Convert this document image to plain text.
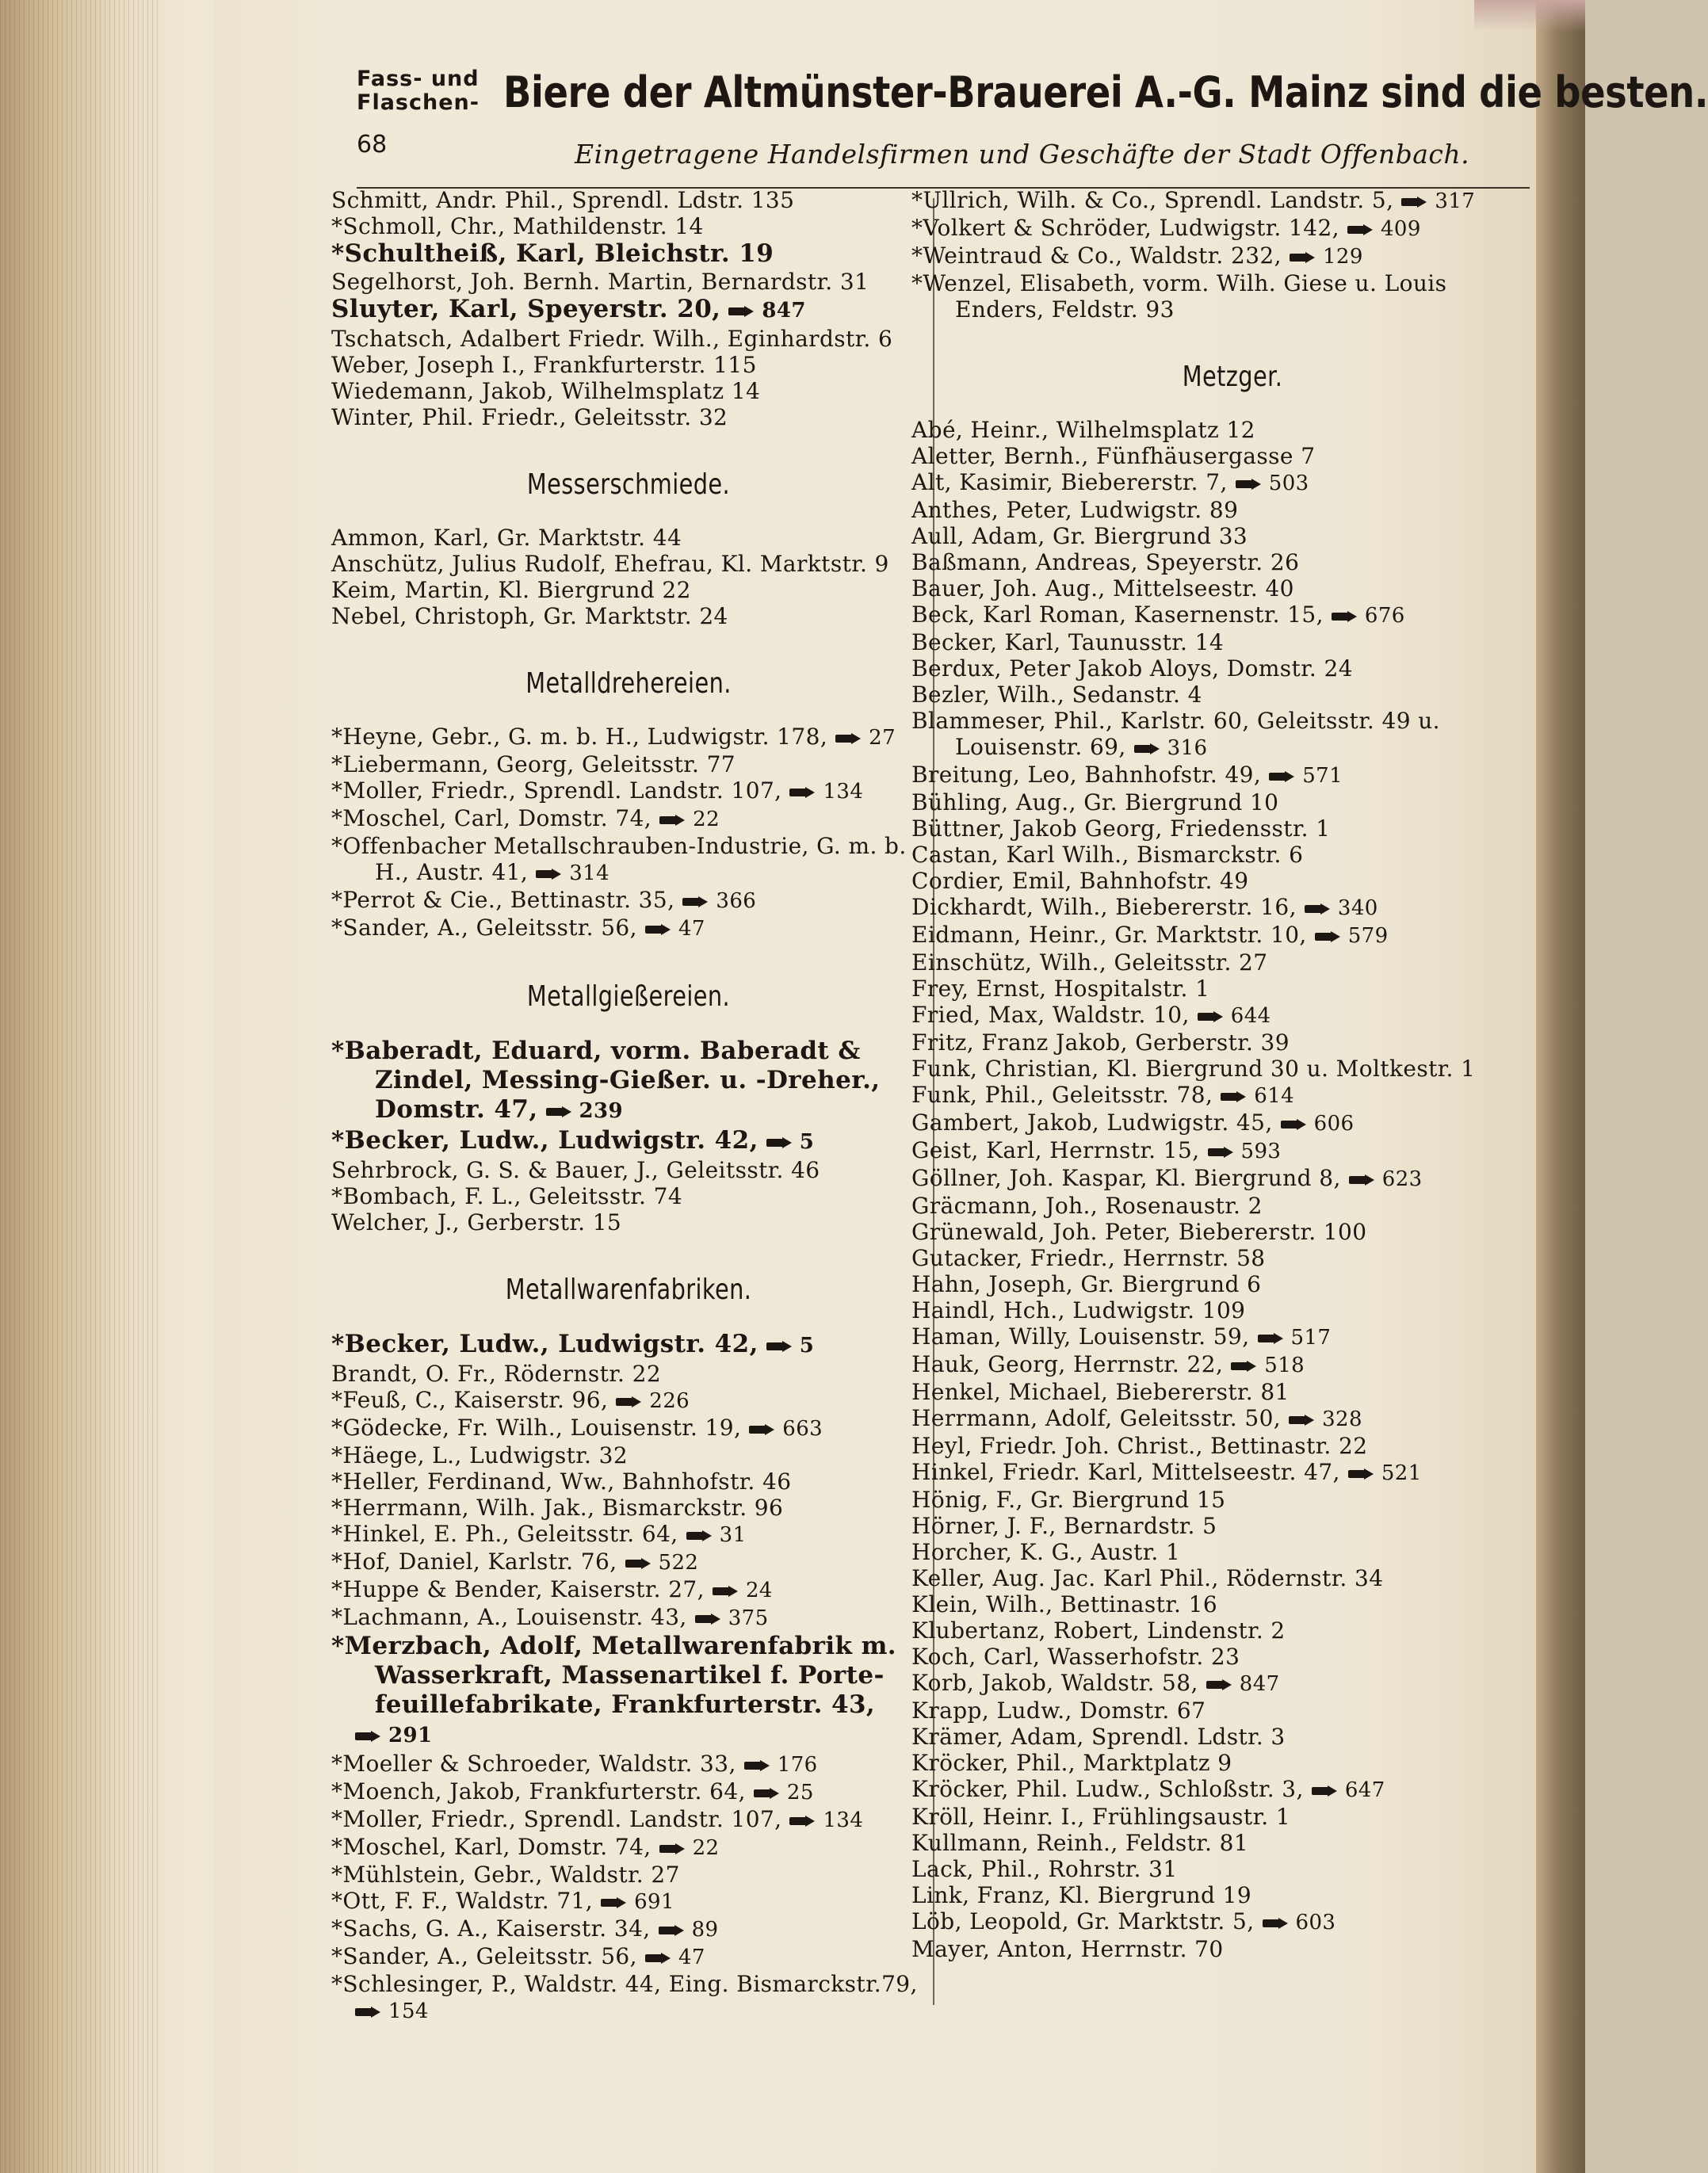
Fass- und
Flaschen- Biere der Altmünster-Brauerei A.-G. Mainz sind die besten.
68	Eingetragene Handelsfirmen und Geschäfte der Stadt Offenbach.
Schmitt, Andr. Phil., Sprendl. Ldstr. 135
*Schmoll, Chr., Mathildenstr. 14
*Schultheiß, Karl, Bleichstr. 19
Segelhorst, Joh. Bernh. Martin, Bernardstr. 31
Sluyter, Karl, Speyerstr. 20, 847
Tschatsch, Adalbert Friedr. Wilh., Eginhardstr. 6
Weber, Joseph I., Frankfurterstr. 115
Wiedemann, Jakob, Wilhelmsplatz 14
Winter, Phil. Friedr., Geleitsstr. 32
Messerschmiede.
Ammon, Karl, Gr. Marktstr. 44
Anschütz, Julius Rudolf, Ehefrau, Kl. Marktstr. 9
Keim, Martin, Kl. Biergrund 22
Nebel, Christoph, Gr. Marktstr. 24
Metalldrehereien.
*Heyne, Gebr., G. m. b. H., Ludwigstr. 178, 27
*Liebermann, Georg, Geleitsstr. 77
*Moller, Friedr., Sprendl. Landstr. 107, 134
*Moschel, Carl, Domstr. 74, 22
*Offenbacher Metallschrauben-Industrie, G. m. b.
H., Austr. 41, 314
*Perrot & Cie., Bettinastr. 35, 366
*Sander, A., Geleitsstr. 56, 47
Metallgießereien.
*Baberadt, Eduard, vorm. Baberadt &
Zindel, Messing-Gießer. u. -Dreher.,
Domstr. 47, 239
*Becker, Ludw., Ludwigstr. 42, 5
Sehrbrock, G. S. & Bauer, J., Geleitsstr. 46
*Bombach, F. L., Geleitsstr. 74
Welcher, J., Gerberstr. 15
Metallwarenfabriken.
*Becker, Ludw., Ludwigstr. 42, 5
Brandt, O. Fr., Rödernstr. 22
*Feuß, C., Kaiserstr. 96, 226
*Gödecke, Fr. Wilh., Louisenstr. 19, 663
*Häege, L., Ludwigstr. 32
*Heller, Ferdinand, Ww., Bahnhofstr. 46
*Herrmann, Wilh. Jak., Bismarckstr. 96
*Hinkel, E. Ph., Geleitsstr. 64, 31
*Hof, Daniel, Karlstr. 76, 522
*Huppe & Bender, Kaiserstr. 27, 24
*Lachmann, A., Louisenstr. 43, 375
*Merzbach, Adolf, Metallwarenfabrik m.
Wasserkraft, Massenartikel f. Porte-
feuillefabrikate, Frankfurterstr. 43,
291
*Moeller & Schroeder, Waldstr. 33, 176
*Moench, Jakob, Frankfurterstr. 64, 25
*Moller, Friedr., Sprendl. Landstr. 107, 134
*Moschel, Karl, Domstr. 74, 22
*Mühlstein, Gebr., Waldstr. 27
*Ott, F. F., Waldstr. 71, 691
*Sachs, G. A., Kaiserstr. 34, 89
*Sander, A., Geleitsstr. 56, 47
*Schlesinger, P., Waldstr. 44, Eing. Bismarckstr.79,
154
*Ullrich, Wilh. & Co., Sprendl. Landstr. 5, 317
*Volkert & Schröder, Ludwigstr. 142, 409
*Weintraud & Co., Waldstr. 232, 129
*Wenzel, Elisabeth, vorm. Wilh. Giese u. Louis
Enders, Feldstr. 93
Metzger.
Abé, Heinr., Wilhelmsplatz 12
Aletter, Bernh., Fünfhäusergasse 7
Alt, Kasimir, Biebererstr. 7, 503
Anthes, Peter, Ludwigstr. 89
Aull, Adam, Gr. Biergrund 33
Baßmann, Andreas, Speyerstr. 26
Bauer, Joh. Aug., Mittelseestr. 40
Beck, Karl Roman, Kasernenstr. 15, 676
Becker, Karl, Taunusstr. 14
Berdux, Peter Jakob Aloys, Domstr. 24
Bezler, Wilh., Sedanstr. 4
Blammeser, Phil., Karlstr. 60, Geleitsstr. 49 u.
Louisenstr. 69, 316
Breitung, Leo, Bahnhofstr. 49, 571
Bühling, Aug., Gr. Biergrund 10
Büttner, Jakob Georg, Friedensstr. 1
Castan, Karl Wilh., Bismarckstr. 6
Cordier, Emil, Bahnhofstr. 49
Dickhardt, Wilh., Biebererstr. 16, 340
Eidmann, Heinr., Gr. Marktstr. 10, 579
Einschütz, Wilh., Geleitsstr. 27
Frey, Ernst, Hospitalstr. 1
Fried, Max, Waldstr. 10, 644
Fritz, Franz Jakob, Gerberstr. 39
Funk, Christian, Kl. Biergrund 30 u. Moltkestr. 1
Funk, Phil., Geleitsstr. 78, 614
Gambert, Jakob, Ludwigstr. 45, 606
Geist, Karl, Herrnstr. 15, 593
Göllner, Joh. Kaspar, Kl. Biergrund 8, 623
Gräcmann, Joh., Rosenaustr. 2
Grünewald, Joh. Peter, Biebererstr. 100
Gutacker, Friedr., Herrnstr. 58
Hahn, Joseph, Gr. Biergrund 6
Haindl, Hch., Ludwigstr. 109
Haman, Willy, Louisenstr. 59, 517
Hauk, Georg, Herrnstr. 22, 518
Henkel, Michael, Biebererstr. 81
Herrmann, Adolf, Geleitsstr. 50, 328
Heyl, Friedr. Joh. Christ., Bettinastr. 22
Hinkel, Friedr. Karl, Mittelseestr. 47, 521
Hönig, F., Gr. Biergrund 15
Hörner, J. F., Bernardstr. 5
Horcher, K. G., Austr. 1
Keller, Aug. Jac. Karl Phil., Rödernstr. 34
Klein, Wilh., Bettinastr. 16
Klubertanz, Robert, Lindenstr. 2
Koch, Carl, Wasserhofstr. 23
Korb, Jakob, Waldstr. 58, 847
Krapp, Ludw., Domstr. 67
Krämer, Adam, Sprendl. Ldstr. 3
Kröcker, Phil., Marktplatz 9
Kröcker, Phil. Ludw., Schloßstr. 3, 647
Kröll, Heinr. I., Frühlingsaustr. 1
Kullmann, Reinh., Feldstr. 81
Lack, Phil., Rohrstr. 31
Link, Franz, Kl. Biergrund 19
Löb, Leopold, Gr. Marktstr. 5, 603
Mayer, Anton, Herrnstr. 70
